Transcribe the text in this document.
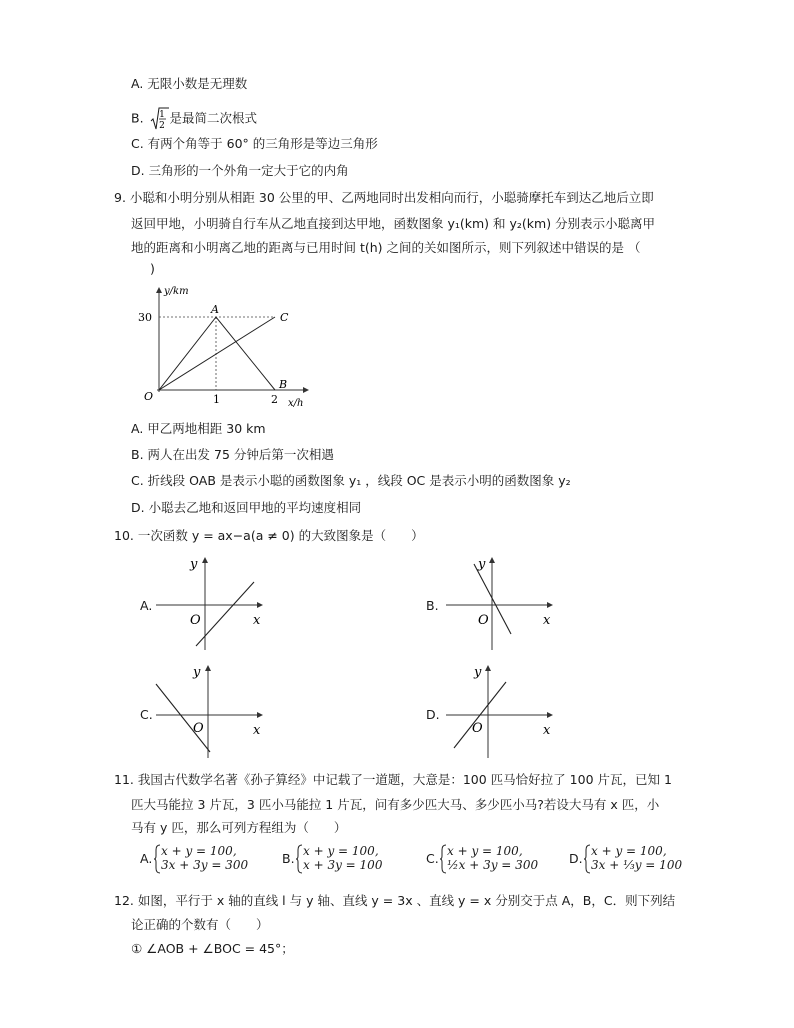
A. 无限小数是无理数
B. 1
2
是最简二次根式
C. 有两个角等于 60° 的三角形是等边三角形
D. 三角形的一个外角一定大于它的内角
9. 小聪和小明分别从相距 30 公里的甲、乙两地同时出发相向而行，小聪骑摩托车到达乙地后立即
返回甲地，小明骑自行车从乙地直接到达甲地，函数图象 y₁(km) 和 y₂(km) 分别表示小聪离甲
地的距离和小明离乙地的距离与已用时间 t(h) 之间的关如图所示，则下列叙述中错误的是 （
)
y/km
x/h
O
30
1	2
A
B
C
A. 甲乙两地相距 30 km
B. 两人在出发 75 分钟后第一次相遇
C. 折线段 OAB 是表示小聪的函数图象 y₁ ，线段 OC 是表示小明的函数图象 y₂
D. 小聪去乙地和返回甲地的平均速度相同
10. 一次函数 y = ax−a(a ≠ 0) 的大致图象是（　　）
A.
y
x
O
B.
y
x
O
C.
y
x
O
D.
y
x
O
11. 我国古代数学名著《孙子算经》中记载了一道题，大意是：100 匹马恰好拉了 100 片瓦，已知 1
匹大马能拉 3 片瓦，3 匹小马能拉 1 片瓦，问有多少匹大马、多少匹小马?若设大马有 x 匹，小
马有 y 匹，那么可列方程组为（　　）
A. x + y = 100,
3x + 3y = 300	B. x + y = 100,
x + 3y = 100	C. x + y = 100,
½x + 3y = 300 D. x + y = 100,
3x + ⅓y = 100
12. 如图，平行于 x 轴的直线 l 与 y 轴、直线 y = 3x 、直线 y = x 分别交于点 A，B，C．则下列结
论正确的个数有（　　）
① ∠AOB + ∠BOC = 45°；
